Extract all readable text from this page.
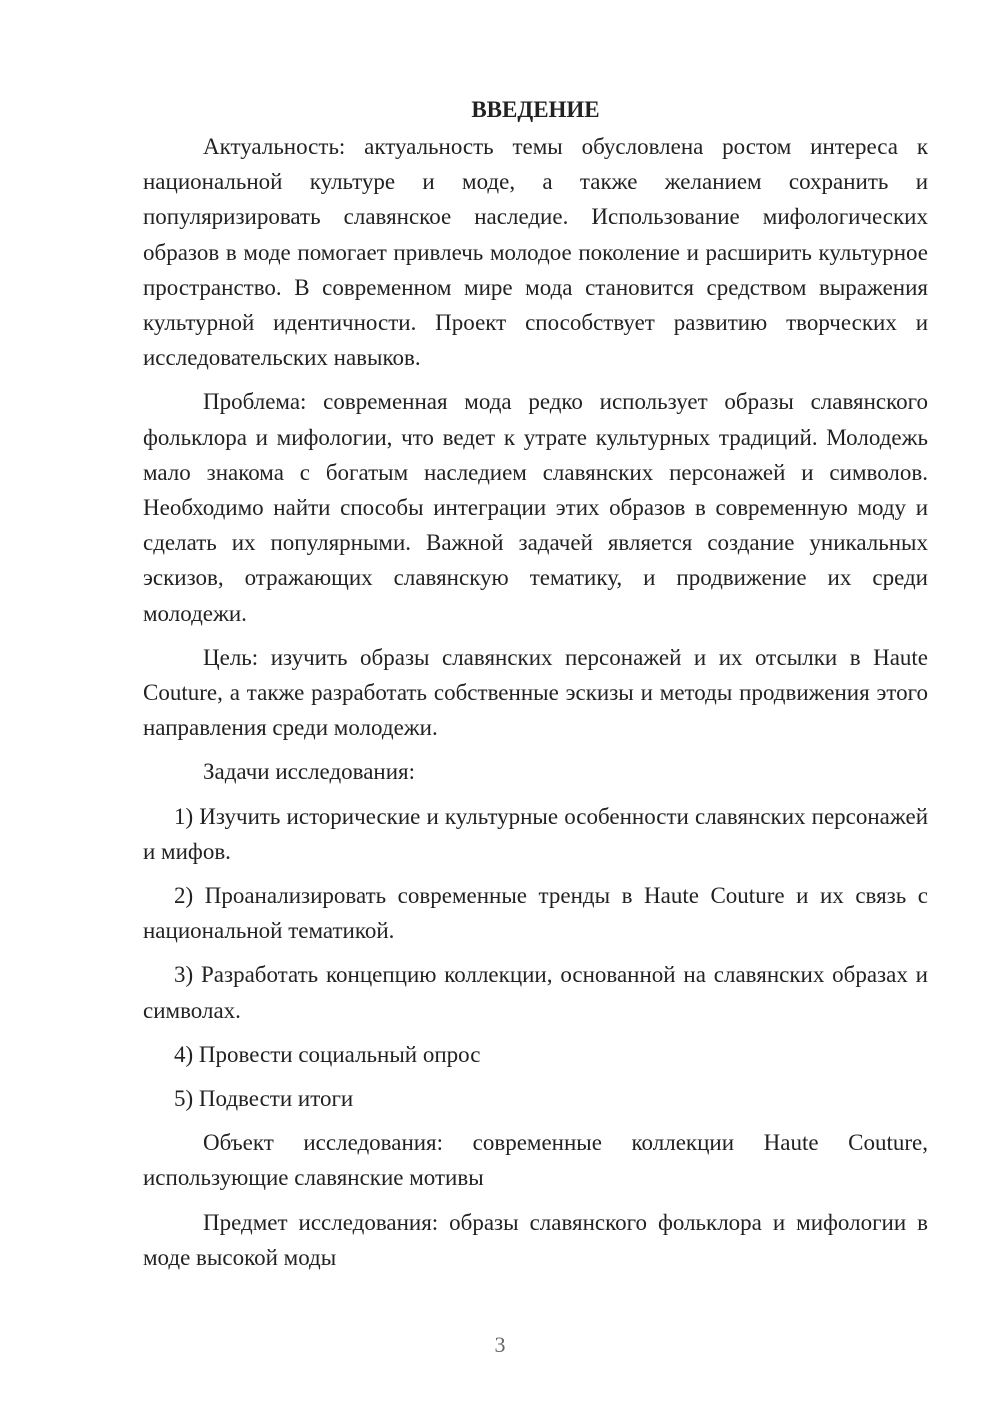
ВВЕДЕНИЕ

Актуальность: актуальность темы обусловлена ростом интереса к национальной культуре и моде, а также желанием сохранить и популяризировать славянское наследие. Использование мифологических образов в моде помогает привлечь молодое поколение и расширить культурное пространство. В современном мире мода становится средством выражения культурной идентичности. Проект способствует развитию творческих и исследовательских навыков.

Проблема: современная мода редко использует образы славянского фольклора и мифологии, что ведет к утрате культурных традиций. Молодежь мало знакома с богатым наследием славянских персонажей и символов. Необходимо найти способы интеграции этих образов в современную моду и сделать их популярными. Важной задачей является создание уникальных эскизов, отражающих славянскую тематику, и продвижение их среди молодежи.

Цель: изучить образы славянских персонажей и их отсылки в Haute Couture, а также разработать собственные эскизы и методы продвижения этого направления среди молодежи.

Задачи исследования:

1) Изучить исторические и культурные особенности славянских персонажей и мифов.

2) Проанализировать современные тренды в Haute Couture и их связь с национальной тематикой.

3) Разработать концепцию коллекции, основанной на славянских образах и символах.

4) Провести социальный опрос

5) Подвести итоги

Объект исследования: современные коллекции Haute Couture, использующие славянские мотивы

Предмет исследования: образы славянского фольклора и мифологии в моде высокой моды

3
